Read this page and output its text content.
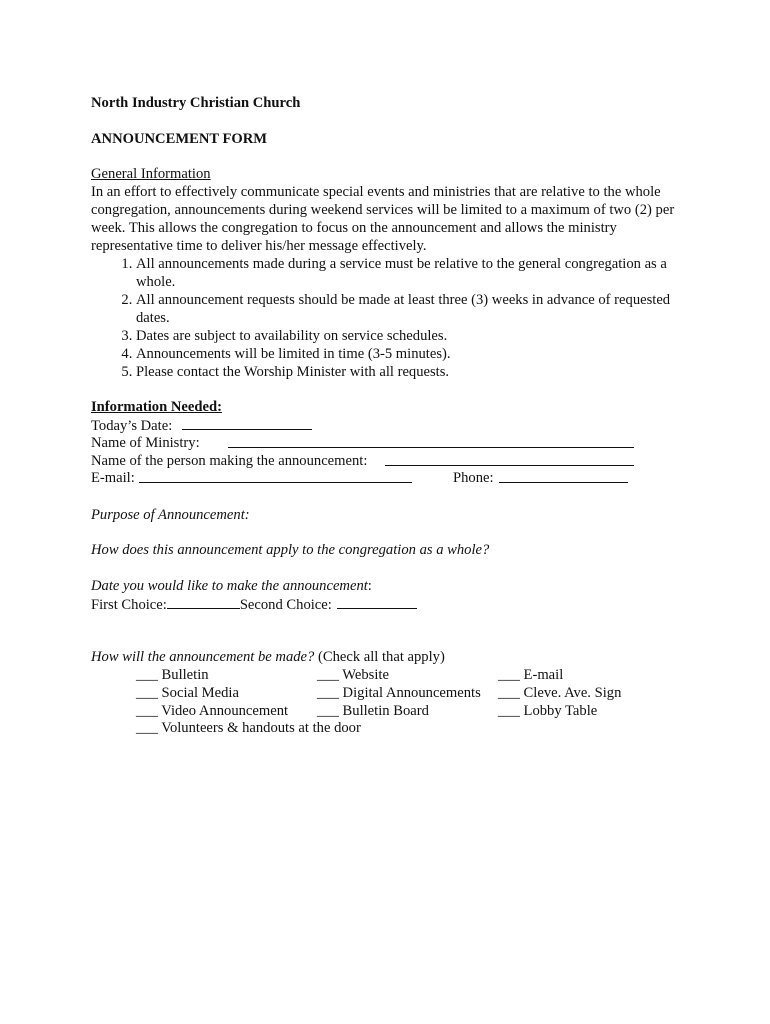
North Industry Christian Church
ANNOUNCEMENT FORM
General Information
In an effort to effectively communicate special events and ministries that are relative to the whole congregation, announcements during weekend services will be limited to a maximum of two (2) per week. This allows the congregation to focus on the announcement and allows the ministry representative time to deliver his/her message effectively.
1. All announcements made during a service must be relative to the general congregation as a whole.
2. All announcement requests should be made at least three (3) weeks in advance of requested dates.
3. Dates are subject to availability on service schedules.
4. Announcements will be limited in time (3-5 minutes).
5. Please contact the Worship Minister with all requests.
Information Needed:
Today’s Date:
Name of Ministry:
Name of the person making the announcement:
E-mail:	Phone:
Purpose of Announcement:
How does this announcement apply to the congregation as a whole?
Date you would like to make the announcement:
First Choice:	Second Choice:
How will the announcement be made? (Check all that apply)
___ Bulletin	___ Website	___ E-mail
___ Social Media	___ Digital Announcements ___ Cleve. Ave. Sign
___ Video Announcement ___ Bulletin Board	___ Lobby Table
___ Volunteers & handouts at the door
